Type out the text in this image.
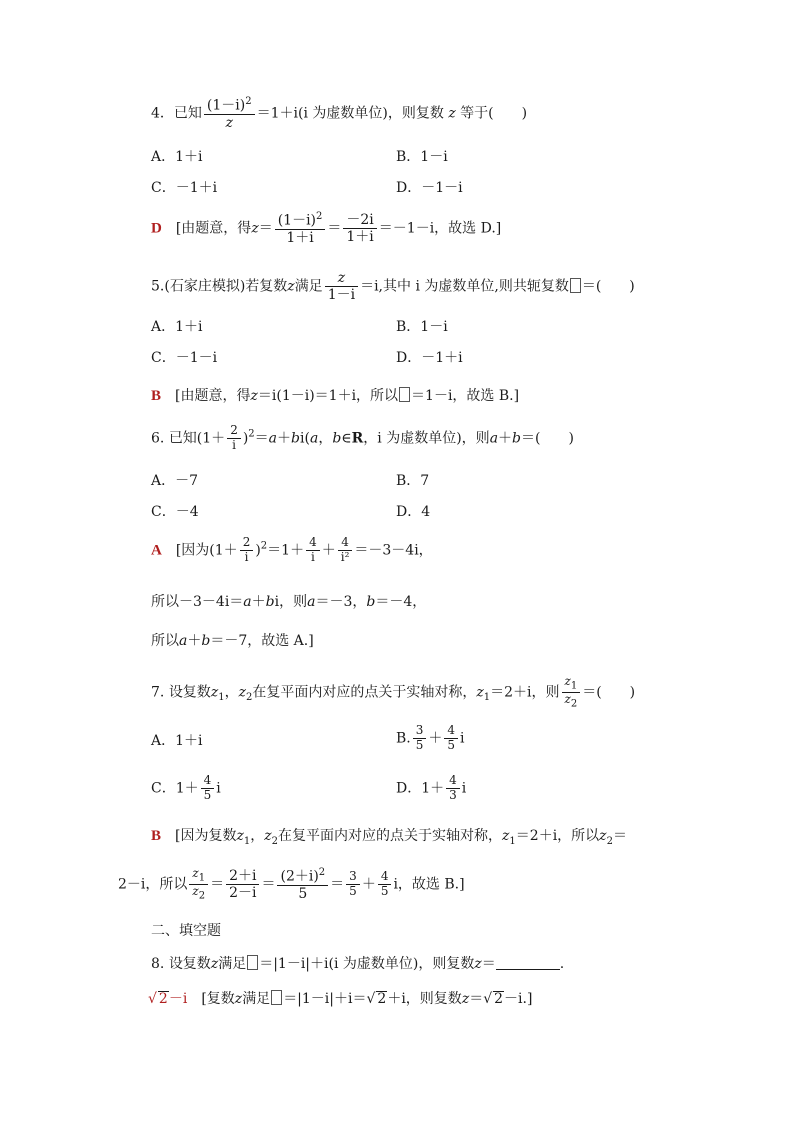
4．已知 $\frac{(1-i)^2}{z} =1+i(i$ 为虚数单位)，则复数 z 等于(　　)
A．1＋i	B．1－i
C．－1＋i	D．－1－i
D　 [由题意，得$z= \frac{(1-i)^2}{1+i} = \frac{-2i}{1+i} =-1-i$，故选 D.]
5.(石家庄模拟)若复数z满足 $\frac{z}{1-i} =i$,其中 i 为虚数单位,则共轭复数 ＝(　　)
A．1＋i	B．1－i
C．－1－i	D．－1＋i
B　 [由题意，得z＝i(1－i)＝1＋i，所以 ＝1－i，故选 B.]
6. 已知$(1+ \frac{2}{i} )^2=a+bi(a$，b∈R，i 为虚数单位)，则a＋b＝(　　)
A．－7	B．7
C．－4	D．4
A　 [因为$(1+ \frac{2}{i} )^2=1+ \frac{4}{i} + \frac{4}{\text{i²}} =-3-4i$，
所以－3－4i＝a＋bi，则a＝－3，b＝－4，
所以a＋b＝－7，故选 A.]
7. 设复数$z_1$，$z_2$在复平面内对应的点关于实轴对称，$z_1=2+i$，则 $\frac{z_1}{z_2}$ ＝(　　)
A．1＋i	B. $\frac{3}{5} + \frac{4}{5}$ i
C．$1+ \frac{4}{5}$ i	D．$1+ \frac{4}{3}$ i
B　 [因为复数$z_1$，$z_2$在复平面内对应的点关于实轴对称，$z_1=2+i$，所以$z_2=$
2－i，所以 $\frac{z_1}{z_2} = \frac{2+i}{2-i} = \frac{(2+i)^2}{5} = \frac{3}{5} + \frac{4}{5}$ i，故选 B.]
二、填空题
8. 设复数z满足 ＝|1－i|＋i(i 为虚数单位)，则复数z＝	.
√ 2－i　 [复数z满足 ＝|1－i|＋i＝√ 2＋i，则复数z＝√ 2－i.]
